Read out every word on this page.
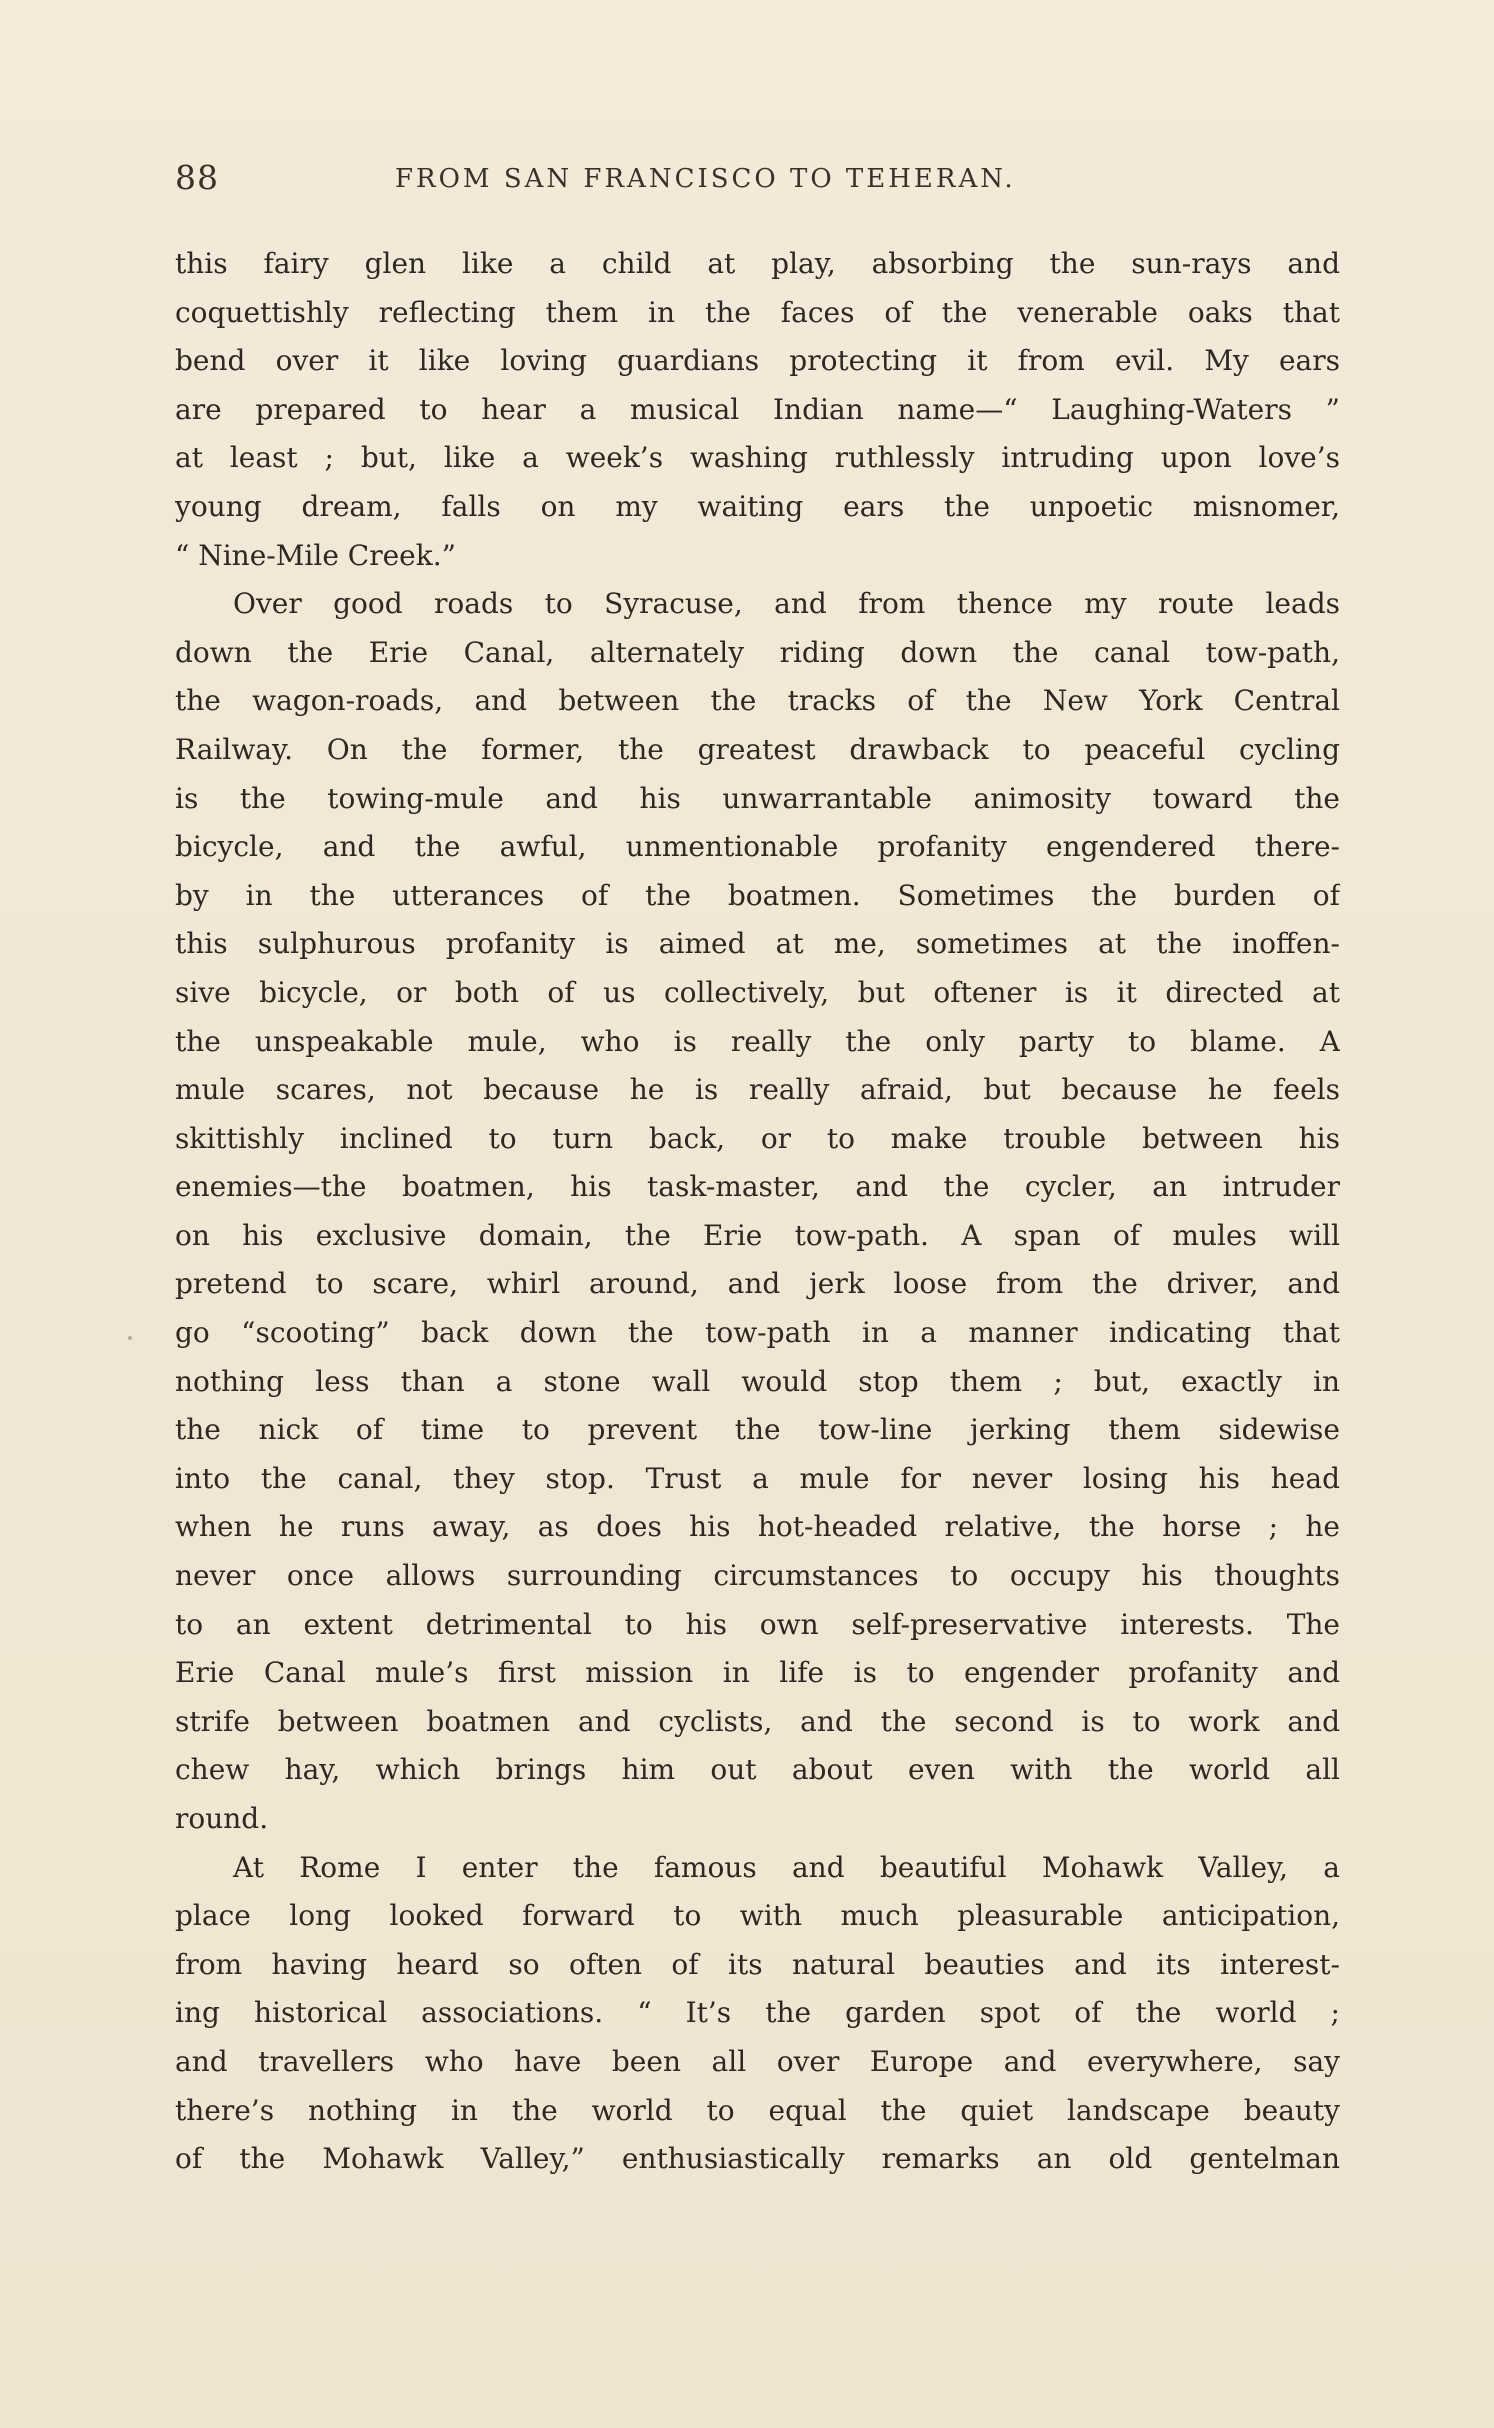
88	FROM SAN FRANCISCO TO TEHERAN.
this fairy glen like a child at play, absorbing the sun-rays and
coquettishly reflecting them in the faces of the venerable oaks that
bend over it like loving guardians protecting it from evil. My ears
are prepared to hear a musical Indian name—“ Laughing-Waters ”
at least ; but, like a week’s washing ruthlessly intruding upon love’s
young dream, falls on my waiting ears the unpoetic misnomer,
“ Nine-Mile Creek.”
Over good roads to Syracuse, and from thence my route leads
down the Erie Canal, alternately riding down the canal tow-path,
the wagon-roads, and between the tracks of the New York Central
Railway. On the former, the greatest drawback to peaceful cycling
is the towing-mule and his unwarrantable animosity toward the
bicycle, and the awful, unmentionable profanity engendered there-
by in the utterances of the boatmen. Sometimes the burden of
this sulphurous profanity is aimed at me, sometimes at the inoffen-
sive bicycle, or both of us collectively, but oftener is it directed at
the unspeakable mule, who is really the only party to blame. A
mule scares, not because he is really afraid, but because he feels
skittishly inclined to turn back, or to make trouble between his
enemies—the boatmen, his task-master, and the cycler, an intruder
on his exclusive domain, the Erie tow-path. A span of mules will
pretend to scare, whirl around, and jerk loose from the driver, and
go “scooting” back down the tow-path in a manner indicating that
nothing less than a stone wall would stop them ; but, exactly in
the nick of time to prevent the tow-line jerking them sidewise
into the canal, they stop. Trust a mule for never losing his head
when he runs away, as does his hot-headed relative, the horse ; he
never once allows surrounding circumstances to occupy his thoughts
to an extent detrimental to his own self-preservative interests. The
Erie Canal mule’s first mission in life is to engender profanity and
strife between boatmen and cyclists, and the second is to work and
chew hay, which brings him out about even with the world all
round.
At Rome I enter the famous and beautiful Mohawk Valley, a
place long looked forward to with much pleasurable anticipation,
from having heard so often of its natural beauties and its interest-
ing historical associations. “ It’s the garden spot of the world ;
and travellers who have been all over Europe and everywhere, say
there’s nothing in the world to equal the quiet landscape beauty
of the Mohawk Valley,” enthusiastically remarks an old gentelman
